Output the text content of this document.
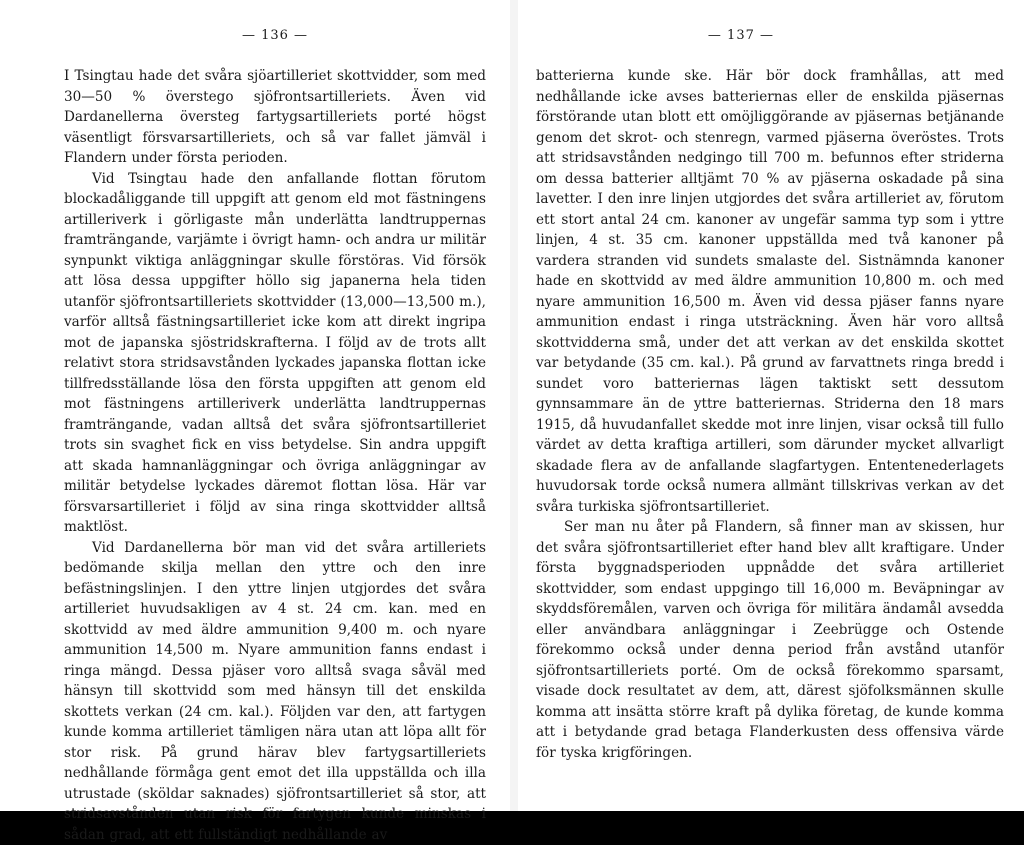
— 136 —

I Tsingtau hade det svåra sjöartilleriet skottvidder, som med 30—50 % överstego sjöfrontsartilleriets. Även vid Dardanellerna översteg fartygsartilleriets porté högst väsentligt försvarsartilleriets, och så var fallet jämväl i Flandern under första perioden.

Vid Tsingtau hade den anfallande flottan förutom blockadåliggande till uppgift att genom eld mot fästningens artilleriverk i görligaste mån underlätta landtruppernas framträngande, varjämte i övrigt hamn- och andra ur militär synpunkt viktiga anläggningar skulle förstöras. Vid försök att lösa dessa uppgifter höllo sig japanerna hela tiden utanför sjöfrontsartilleriets skottvidder (13,000—13,500 m.), varför alltså fästningsartilleriet icke kom att direkt ingripa mot de japanska sjöstridskrafterna. I följd av de trots allt relativt stora stridsavstånden lyckades japanska flottan icke tillfredsställande lösa den första uppgiften att genom eld mot fästningens artilleriverk underlätta landtruppernas framträngande, vadan alltså det svåra sjöfrontsartilleriet trots sin svaghet fick en viss betydelse. Sin andra uppgift att skada hamnanläggningar och övriga anläggningar av militär betydelse lyckades däremot flottan lösa. Här var försvarsartilleriet i följd av sina ringa skottvidder alltså maktlöst.

Vid Dardanellerna bör man vid det svåra artilleriets bedömande skilja mellan den yttre och den inre befästningslinjen. I den yttre linjen utgjordes det svåra artilleriet huvudsakligen av 4 st. 24 cm. kan. med en skottvidd av med äldre ammunition 9,400 m. och nyare ammunition 14,500 m. Nyare ammunition fanns endast i ringa mängd. Dessa pjäser voro alltså svaga såväl med hänsyn till skottvidd som med hänsyn till det enskilda skottets verkan (24 cm. kal.). Följden var den, att fartygen kunde komma artilleriet tämligen nära utan att löpa allt för stor risk. På grund härav blev fartygsartilleriets nedhållande förmåga gent emot det illa uppställda och illa utrustade (sköldar saknades) sjöfrontsartilleriet så stor, att stridsavstånden utan risk för fartygen kunde minskas i sådan grad, att ett fullständigt nedhållande av

— 137 —

batterierna kunde ske. Här bör dock framhållas, att med nedhållande icke avses batteriernas eller de enskilda pjäsernas förstörande utan blott ett omöjliggörande av pjäsernas betjänande genom det skrot- och stenregn, varmed pjäserna överöstes. Trots att stridsavstånden nedgingo till 700 m. befunnos efter striderna om dessa batterier alltjämt 70 % av pjäserna oskadade på sina lavetter. I den inre linjen utgjordes det svåra artilleriet av, förutom ett stort antal 24 cm. kanoner av ungefär samma typ som i yttre linjen, 4 st. 35 cm. kanoner uppställda med två kanoner på vardera stranden vid sundets smalaste del. Sistnämnda kanoner hade en skottvidd av med äldre ammunition 10,800 m. och med nyare ammunition 16,500 m. Även vid dessa pjäser fanns nyare ammunition endast i ringa utsträckning. Även här voro alltså skottvidderna små, under det att verkan av det enskilda skottet var betydande (35 cm. kal.). På grund av farvattnets ringa bredd i sundet voro batteriernas lägen taktiskt sett dessutom gynnsammare än de yttre batteriernas. Striderna den 18 mars 1915, då huvudanfallet skedde mot inre linjen, visar också till fullo värdet av detta kraftiga artilleri, som därunder mycket allvarligt skadade flera av de anfallande slagfartygen. Ententenederlagets huvudorsak torde också numera allmänt tillskrivas verkan av det svåra turkiska sjöfrontsartilleriet.

Ser man nu åter på Flandern, så finner man av skissen, hur det svåra sjöfrontsartilleriet efter hand blev allt kraftigare. Under första byggnadsperioden uppnådde det svåra artilleriet skottvidder, som endast uppgingo till 16,000 m. Beväpningar av skyddsföremålen, varven och övriga för militära ändamål avsedda eller användbara anläggningar i Zeebrügge och Ostende förekommo också under denna period från avstånd utanför sjöfrontsartilleriets porté. Om de också förekommo sparsamt, visade dock resultatet av dem, att, därest sjöfolksmännen skulle komma att insätta större kraft på dylika företag, de kunde komma att i betydande grad betaga Flanderkusten dess offensiva värde för tyska krigföringen.
